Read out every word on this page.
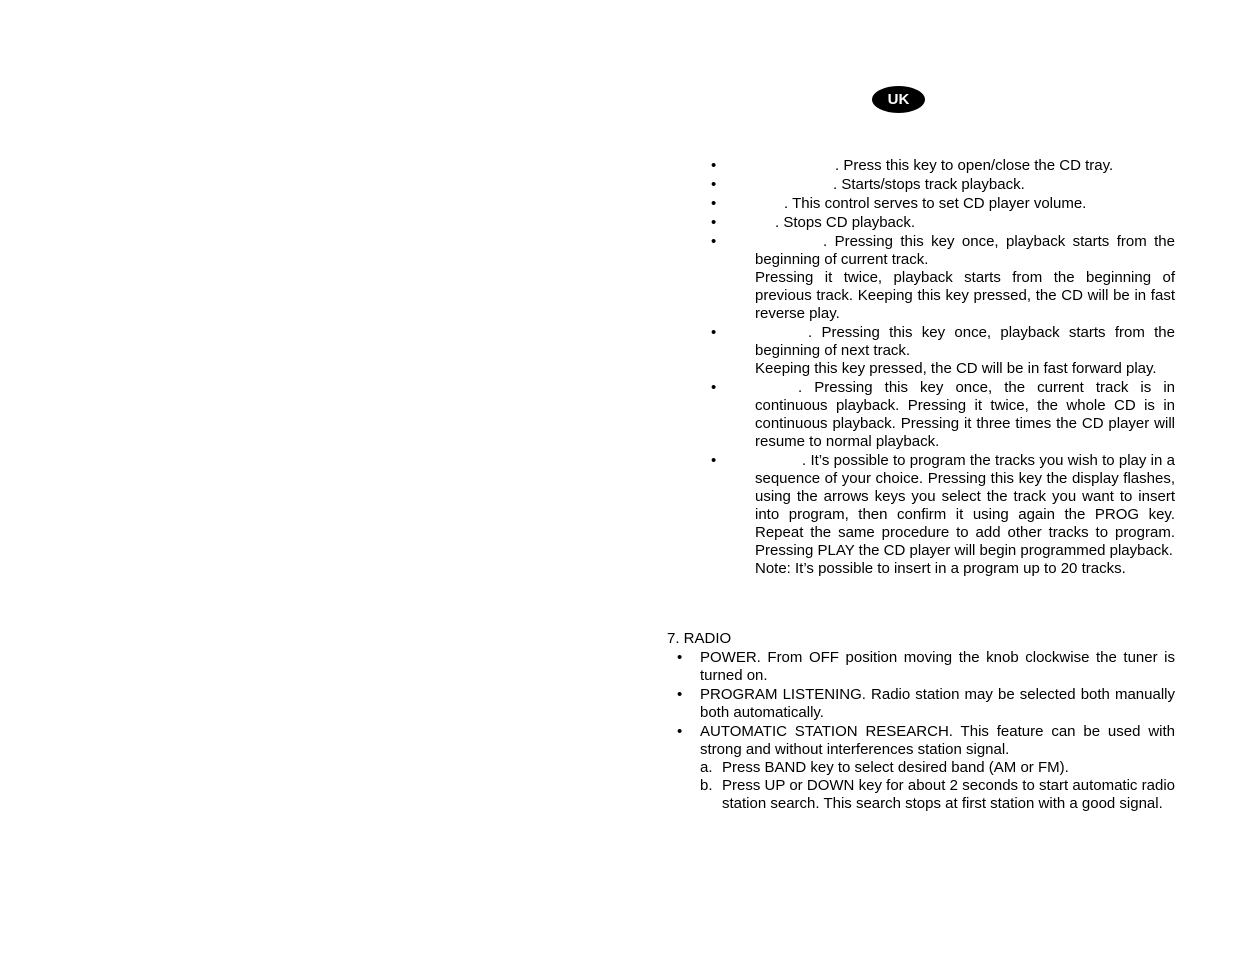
UK
•	. Press this key to open/close the CD tray.
•	. Starts/stops track playback.
•	. This control serves to set CD player volume.
•	. Stops CD playback.
•	. Pressing this key once, playback starts from the beginning of current track.
Pressing it twice, playback starts from the beginning of previous track. Keeping this key pressed, the CD will be in fast reverse play.
•	. Pressing this key once, playback starts from the beginning of next track.
Keeping this key pressed, the CD will be in fast forward play.
•	. Pressing this key once, the current track is in continuous playback. Pressing it twice, the whole CD is in continuous playback. Pressing it three times the CD player will resume to normal playback.
•	. It’s possible to program the tracks you wish to play in a sequence of your choice. Pressing this key the display flashes, using the arrows keys you select the track you want to insert into program, then confirm it using again the PROG key. Repeat the same procedure to add other tracks to program. Pressing PLAY the CD player will begin programmed playback.
Note: It’s possible to insert in a program up to 20 tracks.
7. RADIO
• POWER. From OFF position moving the knob clockwise the tuner is turned on.
• PROGRAM LISTENING. Radio station may be selected both manually both automatically.
• AUTOMATIC STATION RESEARCH. This feature can be used with strong and without interferences station signal.
a. Press BAND key to select desired band (AM or FM).
b. Press UP or DOWN key for about 2 seconds to start automatic radio station search. This search stops at first station with a good signal.
